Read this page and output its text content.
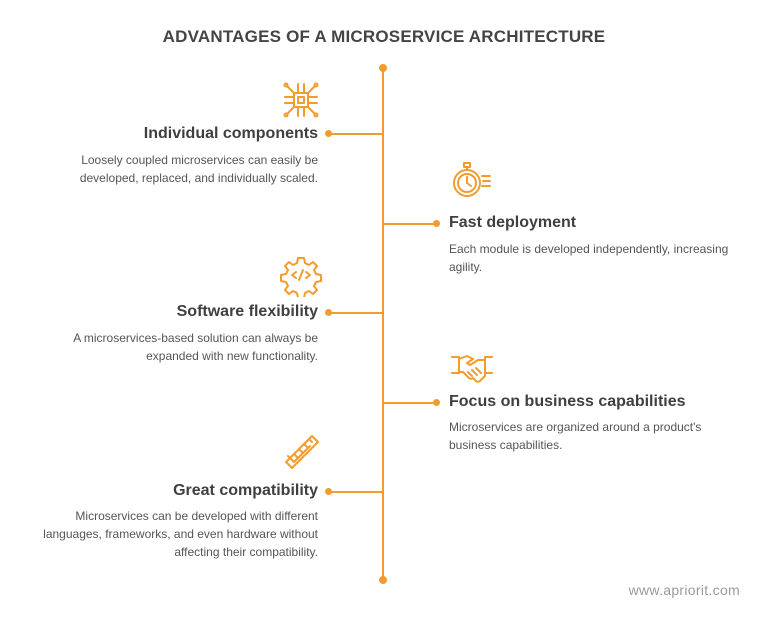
ADVANTAGES OF A MICROSERVICE ARCHITECTURE
Individual components
Loosely coupled microservices can easily be developed, replaced, and individually scaled.
Fast deployment
Each module is developed independently, increasing agility.
Software flexibility
A microservices-based solution can always be expanded with new functionality.
Focus on business capabilities
Microservices are organized around a product's business capabilities.
Great compatibility
Microservices can be developed with different languages, frameworks, and even hardware without affecting their compatibility.
www.apriorit.com
